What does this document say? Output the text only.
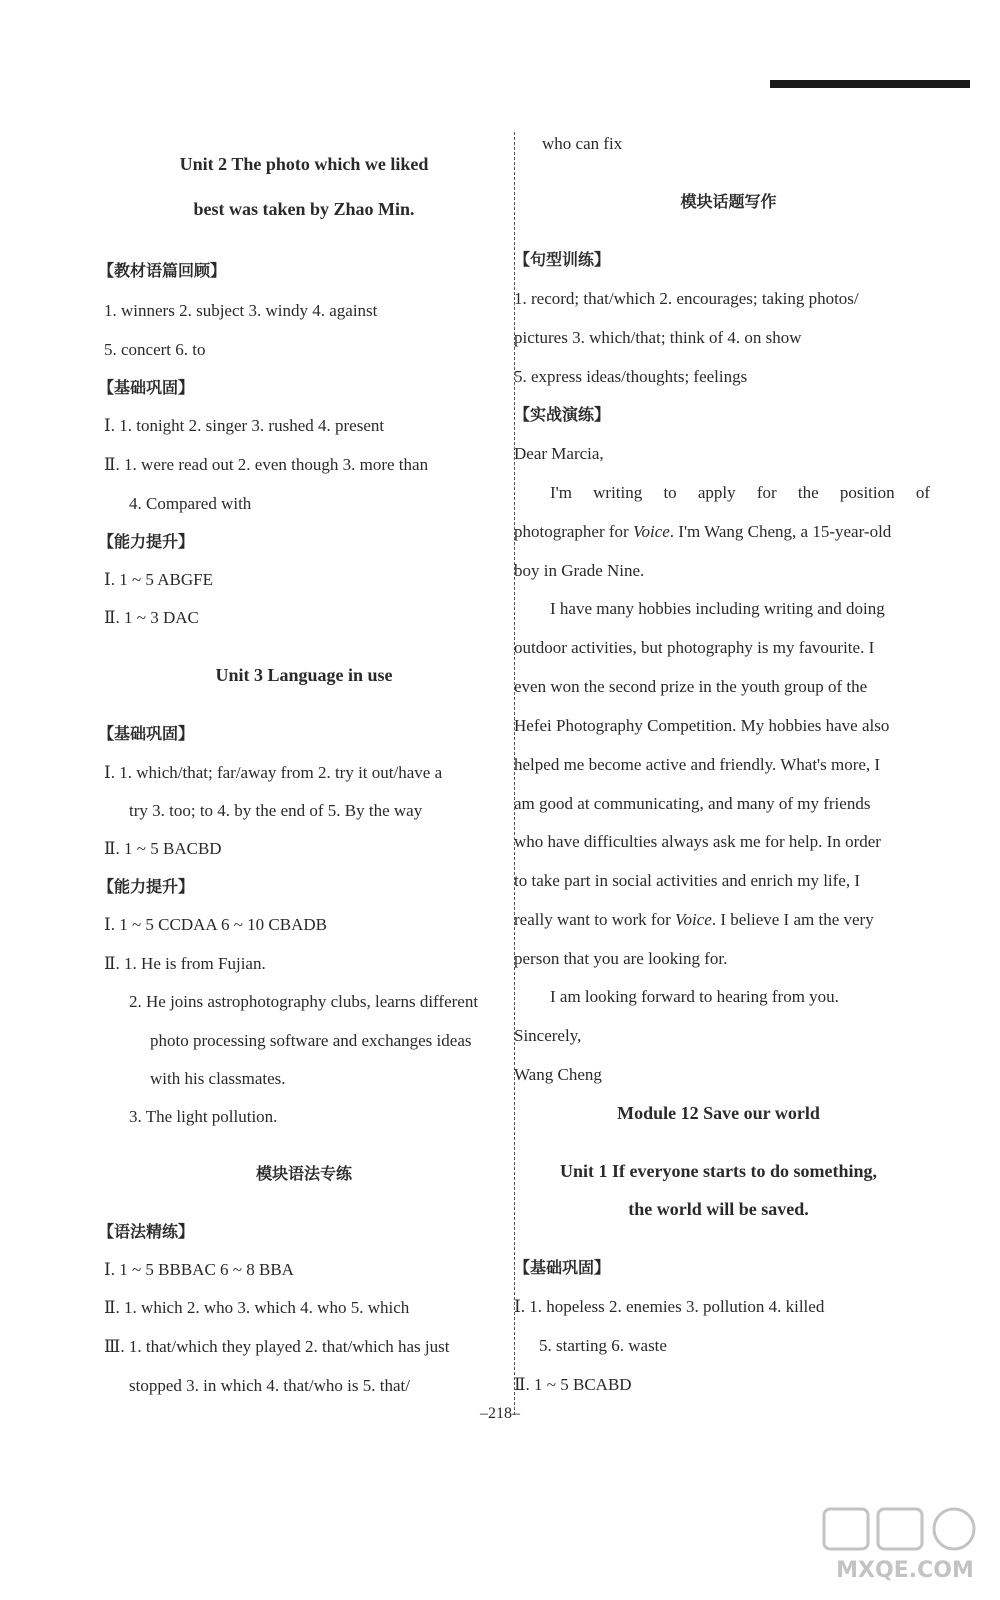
Unit 2 The photo which we liked
best was taken by Zhao Min.
【教材语篇回顾】
1. winners 2. subject 3. windy 4. against
5. concert 6. to
【基础巩固】
Ⅰ. 1. tonight 2. singer 3. rushed 4. present
Ⅱ. 1. were read out 2. even though 3. more than
4. Compared with
【能力提升】
Ⅰ. 1 ~ 5 ABGFE
Ⅱ. 1 ~ 3 DAC
Unit 3 Language in use
【基础巩固】
Ⅰ. 1. which/that; far/away from 2. try it out/have a
try 3. too; to 4. by the end of 5. By the way
Ⅱ. 1 ~ 5 BACBD
【能力提升】
Ⅰ. 1 ~ 5 CCDAA 6 ~ 10 CBADB
Ⅱ. 1. He is from Fujian.
2. He joins astrophotography clubs, learns different
photo processing software and exchanges ideas
with his classmates.
3. The light pollution.
模块语法专练
【语法精练】
Ⅰ. 1 ~ 5 BBBAC 6 ~ 8 BBA
Ⅱ. 1. which 2. who 3. which 4. who 5. which
Ⅲ. 1. that/which they played 2. that/which has just
stopped 3. in which 4. that/who is 5. that/
who can fix
模块话题写作
【句型训练】
1. record; that/which 2. encourages; taking photos/
pictures 3. which/that; think of 4. on show
5. express ideas/thoughts; feelings
【实战演练】
Dear Marcia,
I'm writing to apply for the position of
photographer for Voice. I'm Wang Cheng, a 15-year-old
boy in Grade Nine.
I have many hobbies including writing and doing
outdoor activities, but photography is my favourite. I
even won the second prize in the youth group of the
Hefei Photography Competition. My hobbies have also
helped me become active and friendly. What's more, I
am good at communicating, and many of my friends
who have difficulties always ask me for help. In order
to take part in social activities and enrich my life, I
really want to work for Voice. I believe I am the very
person that you are looking for.
I am looking forward to hearing from you.
Sincerely,
Wang Cheng
Module 12 Save our world
Unit 1 If everyone starts to do something,
the world will be saved.
【基础巩固】
Ⅰ. 1. hopeless 2. enemies 3. pollution 4. killed
5. starting 6. waste
Ⅱ. 1 ~ 5 BCABD
–218–
MXQE.COM
